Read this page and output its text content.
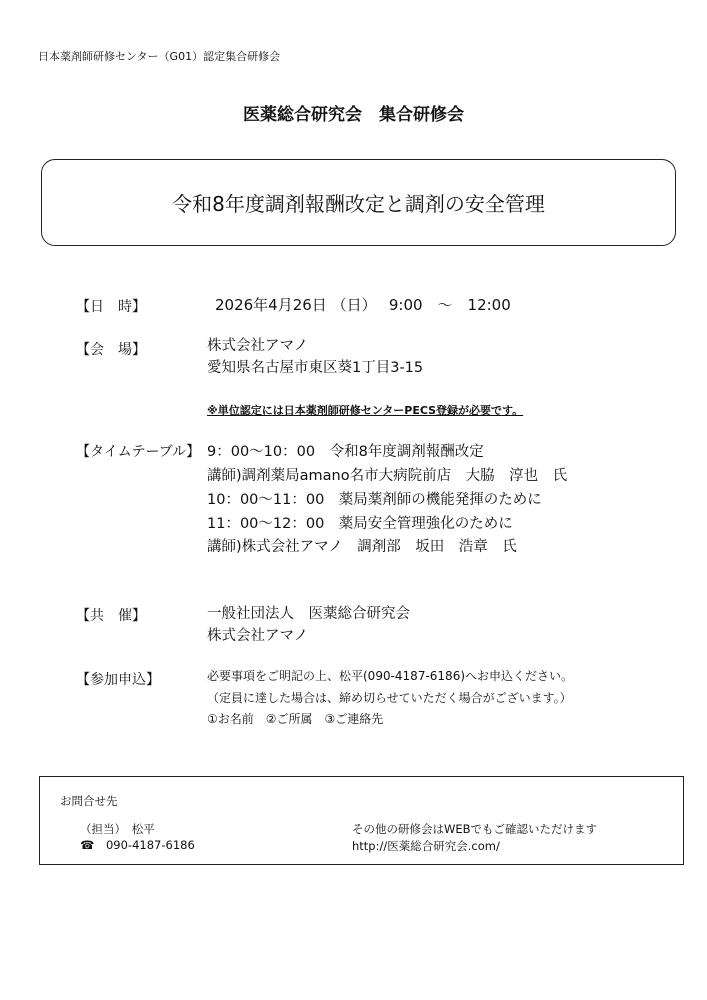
日本薬剤師研修センター（G01）認定集合研修会
医薬総合研究会　集合研修会
令和8年度調剤報酬改定と調剤の安全管理
【日　時】	2026年4月26日 （日）　 9:00　～　12:00
【会　場】	株式会社アマノ
愛知県名古屋市東区葵1丁目3-15
※単位認定には日本薬剤師研修センターPECS登録が必要です。
【タイムテーブル】 9：00～10：00　令和8年度調剤報酬改定
講師)調剤薬局amano名市大病院前店　大脇　淳也　氏
10：00～11：00　薬局薬剤師の機能発揮のために
11：00～12：00　薬局安全管理強化のために
講師)株式会社アマノ　調剤部　坂田　浩章　氏
【共　催】	一般社団法人　医薬総合研究会
株式会社アマノ
【参加申込】	必要事項をご明記の上、松平(090-4187-6186)へお申込ください。
（定員に達した場合は、締め切らせていただく場合がございます。）
①お名前　②ご所属　③ご連絡先
お問合せ先
（担当）　松平
☎ 090-4187-6186
その他の研修会はWEBでもご確認いただけます
http://医薬総合研究会.com/
